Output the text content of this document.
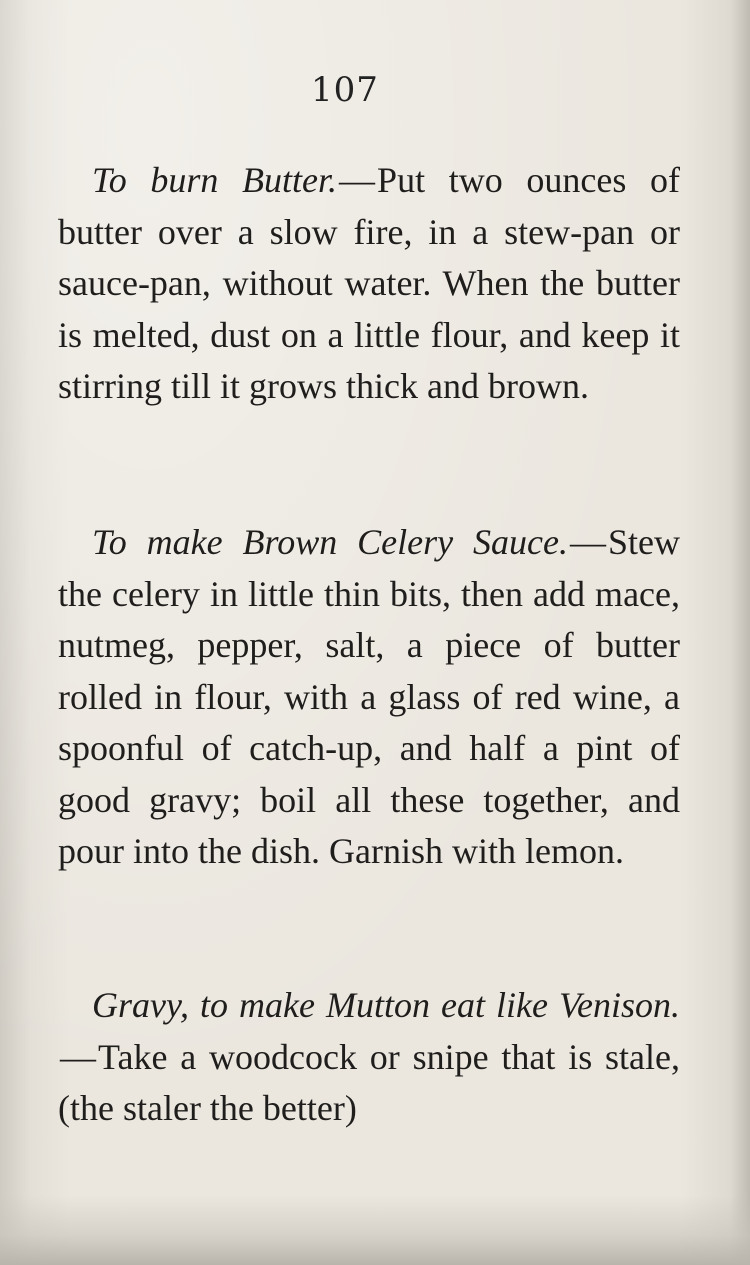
107
To burn Butter.—Put two ounces of butter over a slow fire, in a stew-pan or sauce-pan, without water. When the butter is melted, dust on a little flour, and keep it stirring till it grows thick and brown.
To make Brown Celery Sauce.—Stew the celery in little thin bits, then add mace, nutmeg, pepper, salt, a piece of butter rolled in flour, with a glass of red wine, a spoonful of catch-up, and half a pint of good gravy; boil all these together, and pour into the dish. Garnish with lemon.
Gravy, to make Mutton eat like Venison.—Take a woodcock or snipe that is stale, (the staler the better)
